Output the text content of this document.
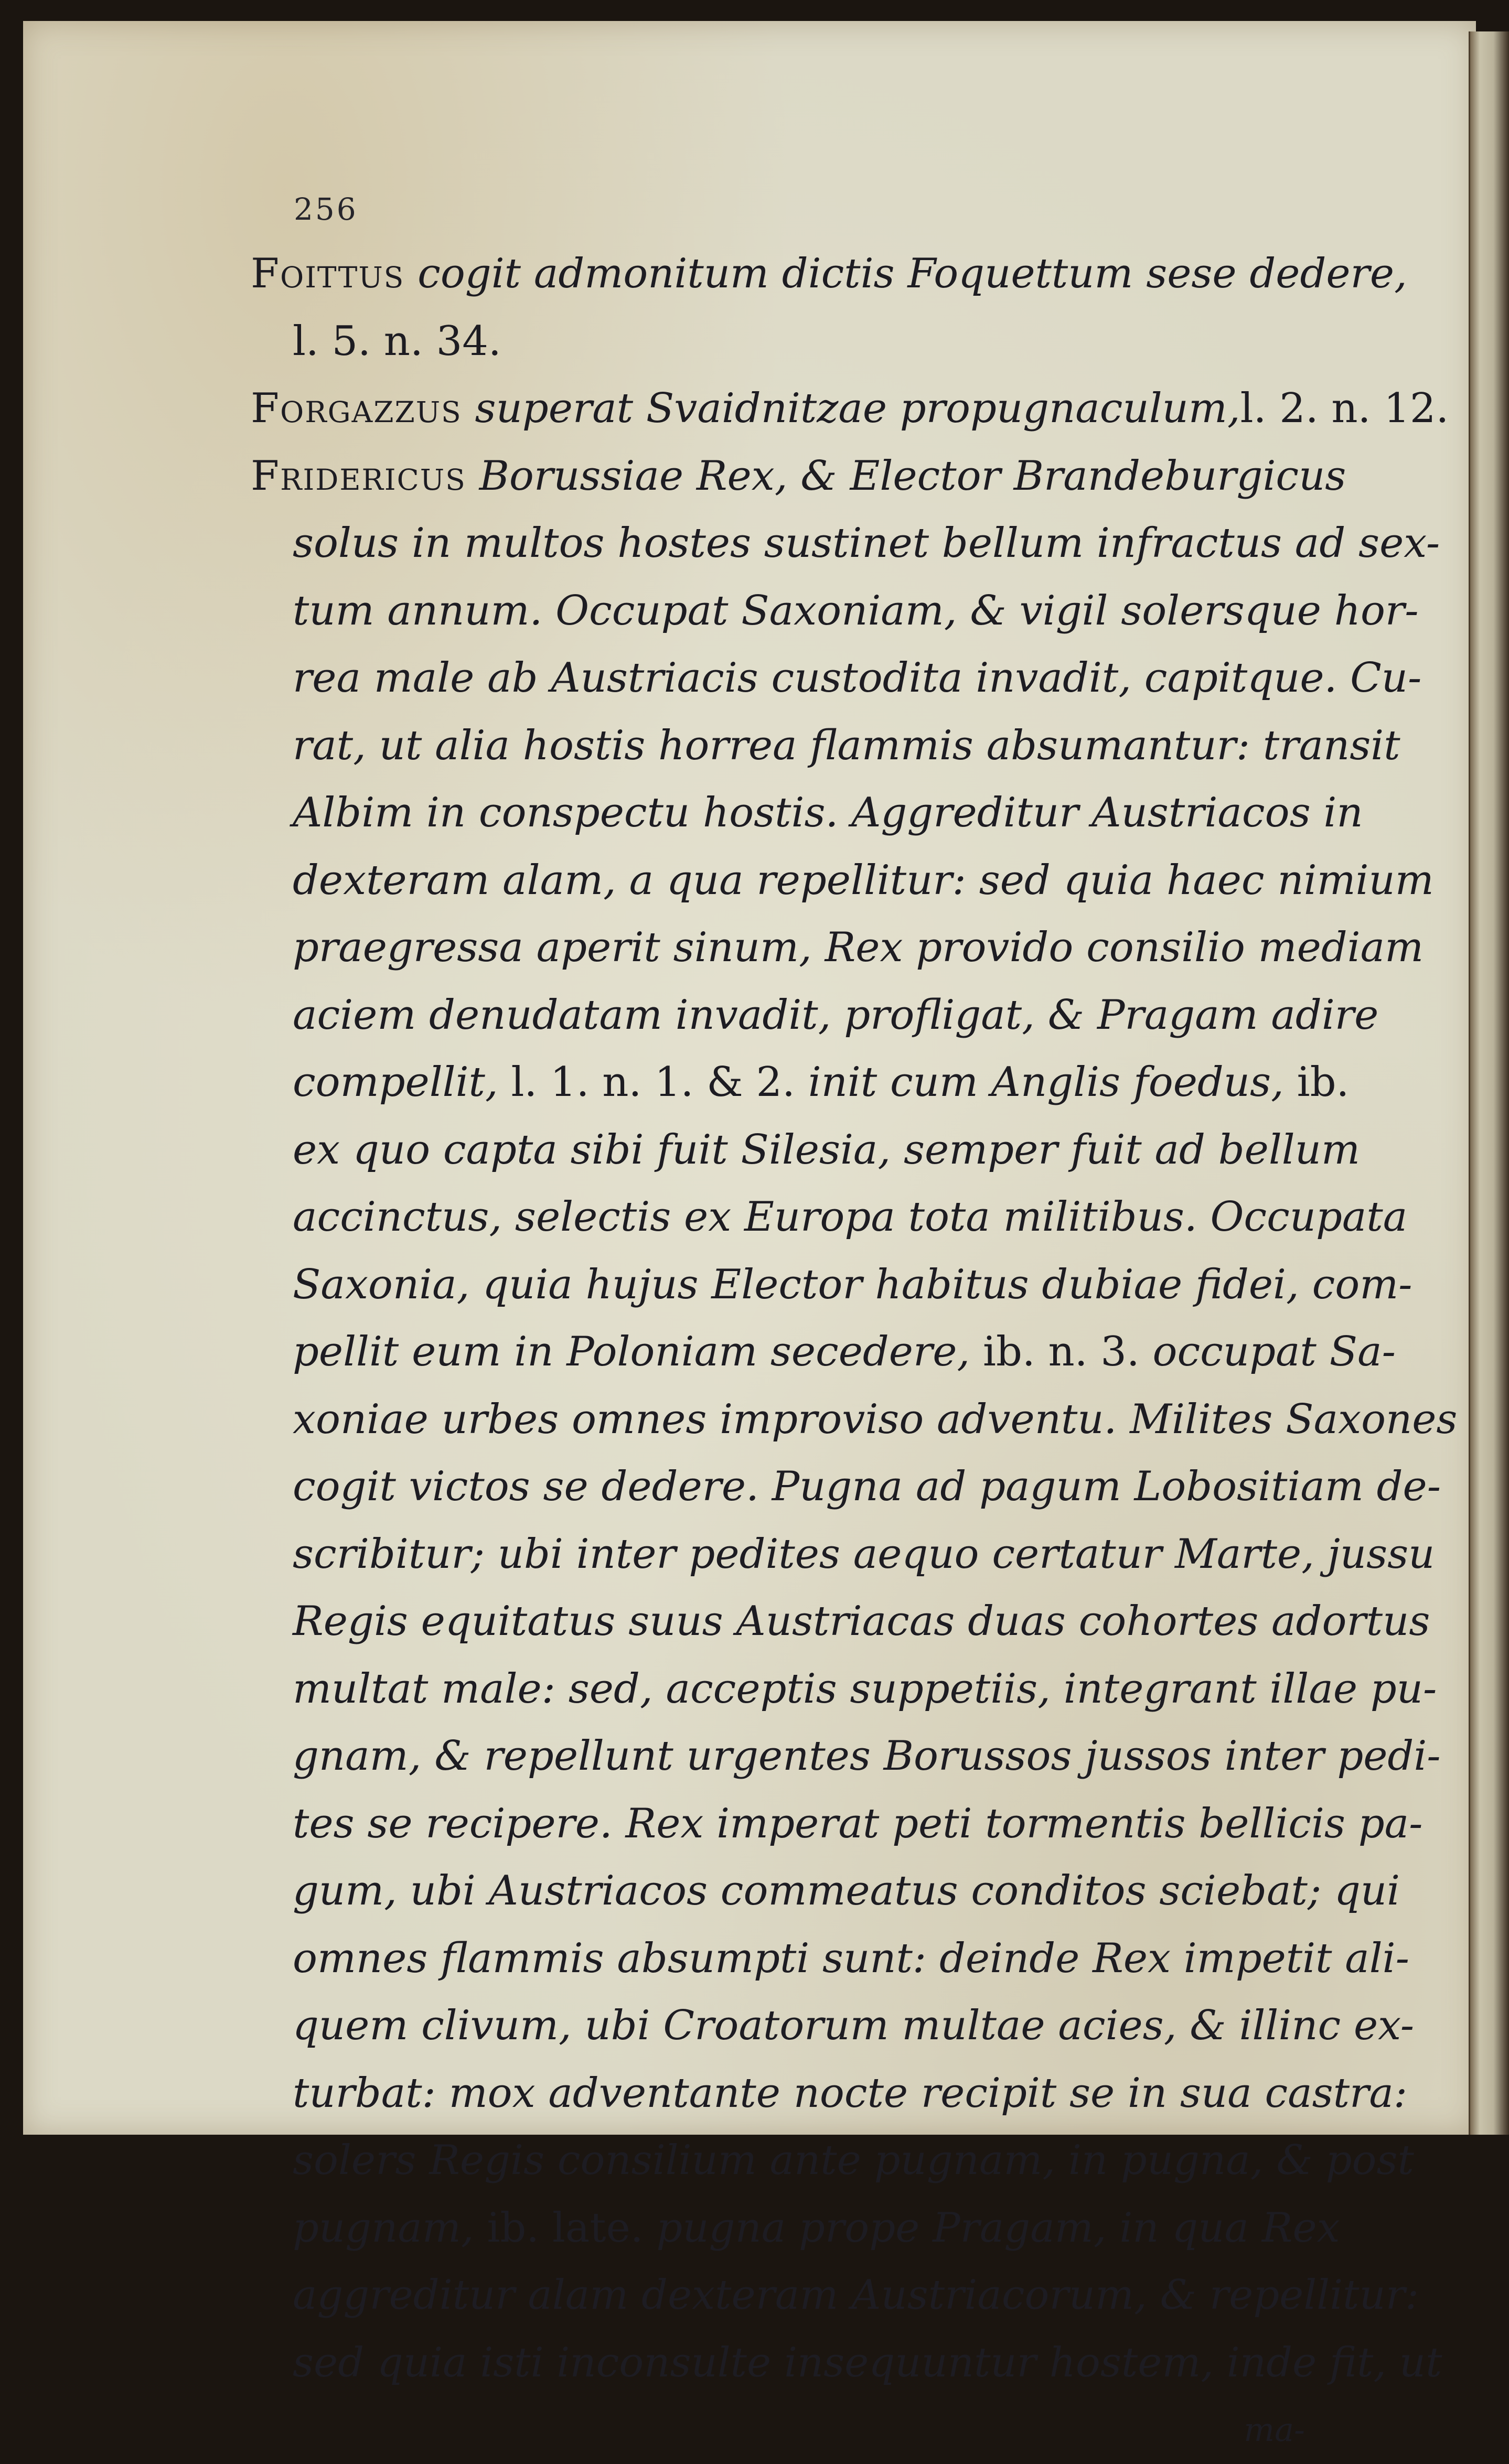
256
Foittus cogit admonitum dictis Foquettum sese dedere,
l. 5. n. 34.
Forgazzus superat Svaidnitzae propugnaculum,l. 2. n. 12.
Fridericus Borussiae Rex, & Elector Brandeburgicus
solus in multos hostes sustinet bellum infractus ad sex-
tum annum. Occupat Saxoniam, & vigil solersque hor-
rea male ab Austriacis custodita invadit, capitque. Cu-
rat, ut alia hostis horrea flammis absumantur: transit
Albim in conspectu hostis. Aggreditur Austriacos in
dexteram alam, a qua repellitur: sed quia haec nimium
praegressa aperit sinum, Rex provido consilio mediam
aciem denudatam invadit, profligat, & Pragam adire
compellit, l. 1. n. 1. & 2. init cum Anglis foedus, ib.
ex quo capta sibi fuit Silesia, semper fuit ad bellum
accinctus, selectis ex Europa tota militibus. Occupata
Saxonia, quia hujus Elector habitus dubiae fidei, com-
pellit eum in Poloniam secedere, ib. n. 3. occupat Sa-
xoniae urbes omnes improviso adventu. Milites Saxones
cogit victos se dedere. Pugna ad pagum Lobositiam de-
scribitur; ubi inter pedites aequo certatur Marte, jussu
Regis equitatus suus Austriacas duas cohortes adortus
multat male: sed, acceptis suppetiis, integrant illae pu-
gnam, & repellunt urgentes Borussos jussos inter pedi-
tes se recipere. Rex imperat peti tormentis bellicis pa-
gum, ubi Austriacos commeatus conditos sciebat; qui
omnes flammis absumpti sunt: deinde Rex impetit ali-
quem clivum, ubi Croatorum multae acies, & illinc ex-
turbat: mox adventante nocte recipit se in sua castra:
solers Regis consilium ante pugnam, in pugna, & post
pugnam, ib. late. pugna prope Pragam, in qua Rex
aggreditur alam dexteram Austriacorum, & repellitur:
sed quia isti inconsulte insequuntur hostem, inde fit, ut
ma-
